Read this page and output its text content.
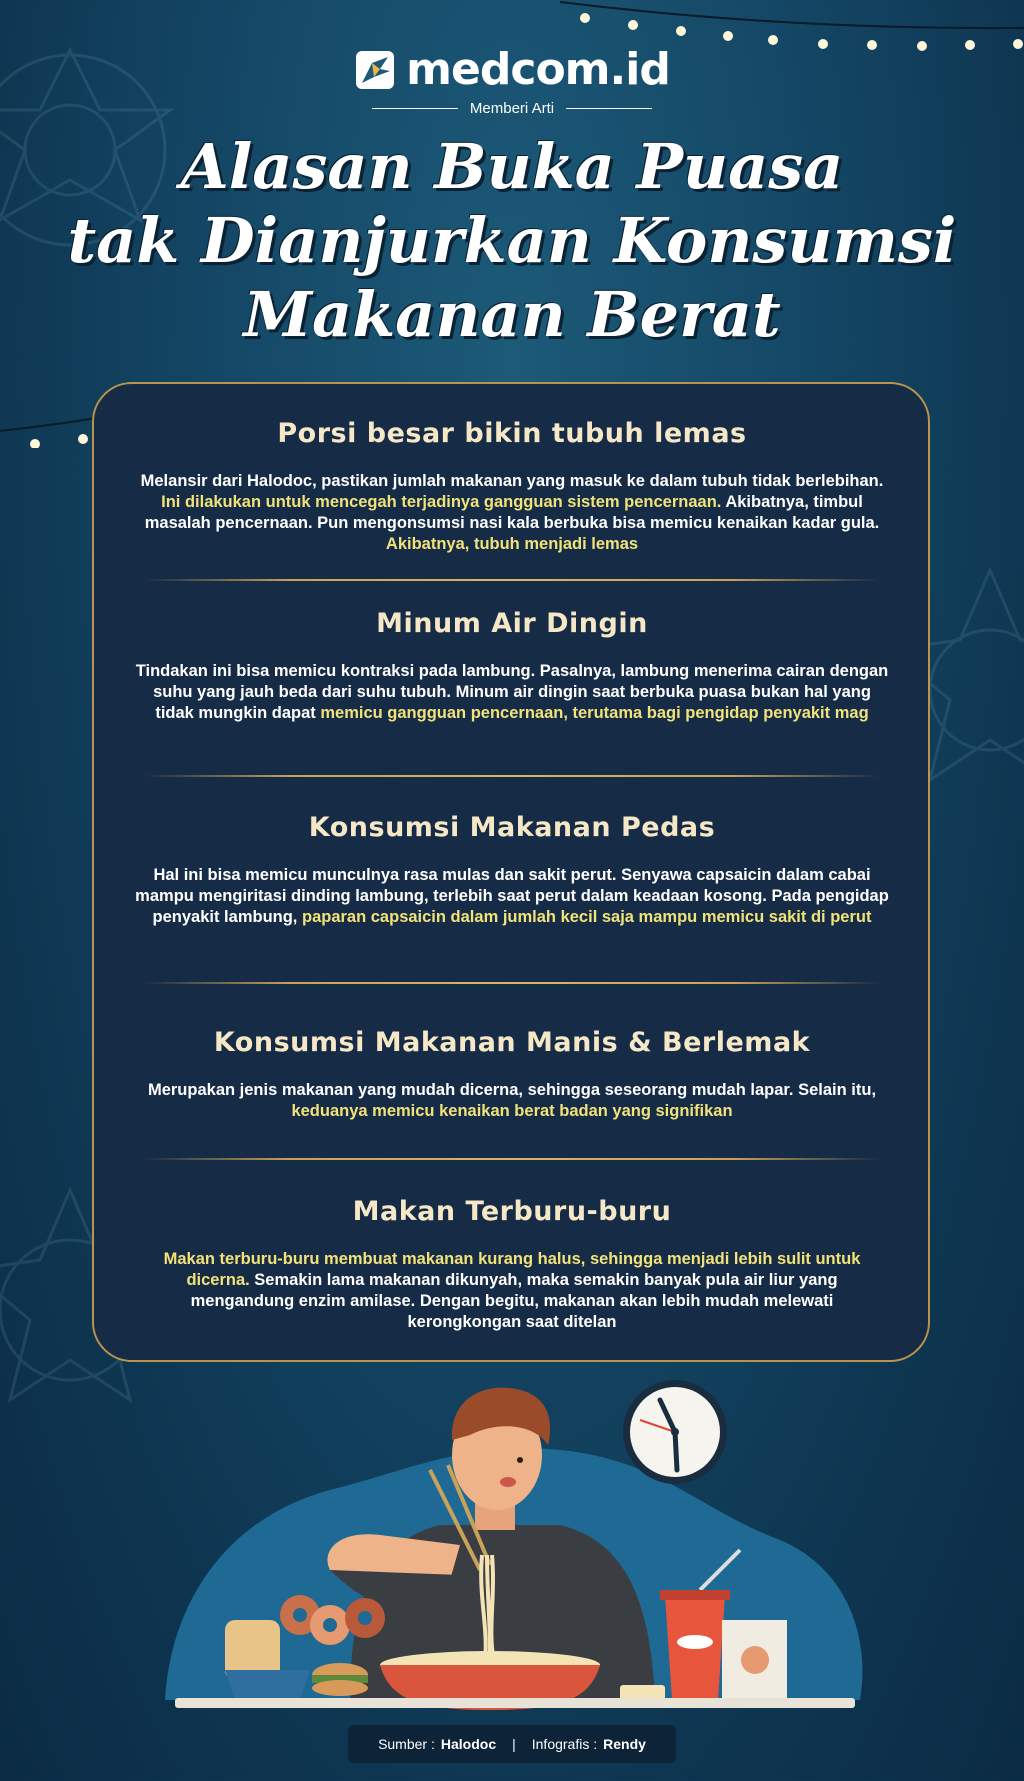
medcom.id
Memberi Arti
Alasan Buka Puasa
tak Dianjurkan Konsumsi
Makanan Berat
Porsi besar bikin tubuh lemas

Melansir dari Halodoc, pastikan jumlah makanan yang masuk ke dalam tubuh tidak berlebihan. Ini dilakukan untuk mencegah terjadinya gangguan sistem pencernaan. Akibatnya, timbul masalah pencernaan. Pun mengonsumsi nasi kala berbuka bisa memicu kenaikan kadar gula. Akibatnya, tubuh menjadi lemas

Minum Air Dingin

Tindakan ini bisa memicu kontraksi pada lambung. Pasalnya, lambung menerima cairan dengan suhu yang jauh beda dari suhu tubuh. Minum air dingin saat berbuka puasa bukan hal yang tidak mungkin dapat memicu gangguan pencernaan, terutama bagi pengidap penyakit mag

Konsumsi Makanan Pedas

Hal ini bisa memicu munculnya rasa mulas dan sakit perut. Senyawa capsaicin dalam cabai mampu mengiritasi dinding lambung, terlebih saat perut dalam keadaan kosong. Pada pengidap penyakit lambung, paparan capsaicin dalam jumlah kecil saja mampu memicu sakit di perut

Konsumsi Makanan Manis & Berlemak

Merupakan jenis makanan yang mudah dicerna, sehingga seseorang mudah lapar. Selain itu, keduanya memicu kenaikan berat badan yang signifikan

Makan Terburu-buru

Makan terburu-buru membuat makanan kurang halus, sehingga menjadi lebih sulit untuk dicerna. Semakin lama makanan dikunyah, maka semakin banyak pula air liur yang mengandung enzim amilase. Dengan begitu, makanan akan lebih mudah melewati kerongkongan saat ditelan

Sumber : Halodoc | Infografis : Rendy
